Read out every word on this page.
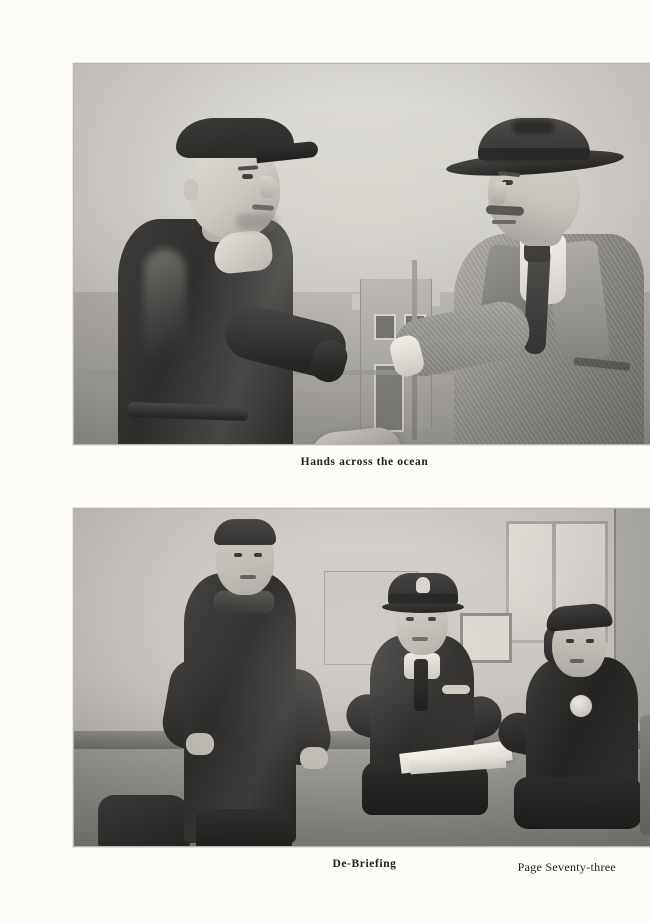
Hands across the ocean
De-Briefing	Page Seventy-three
